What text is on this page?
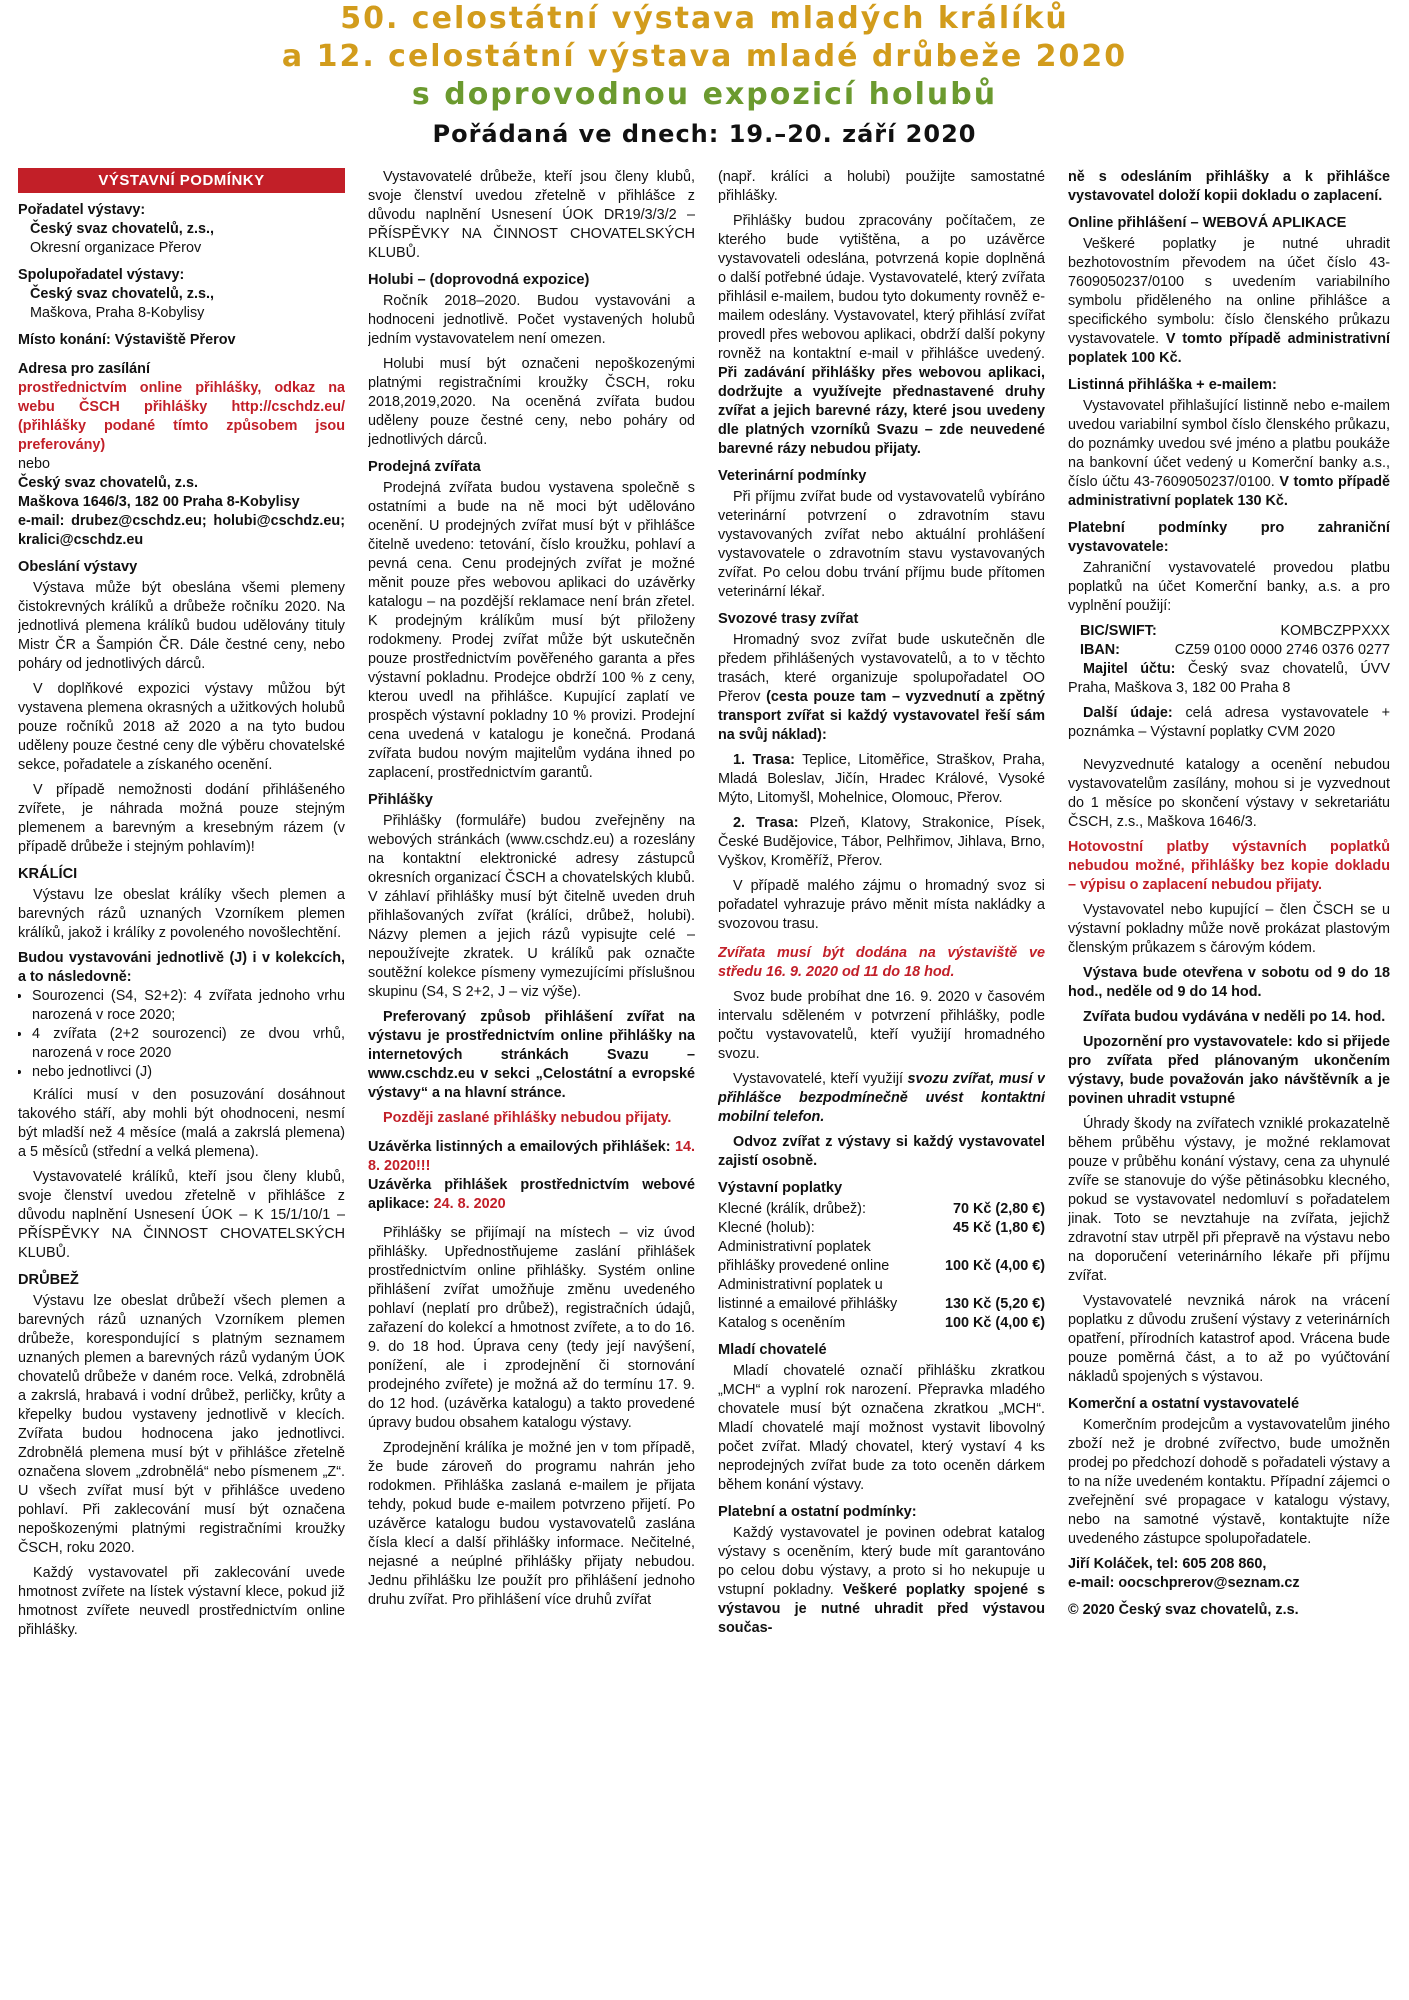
50. celostátní výstava mladých králíků
a 12. celostátní výstava mladé drůbeže 2020
s doprovodnou expozicí holubů
Pořádaná ve dnech: 19.–20. září 2020
VÝSTAVNÍ PODMÍNKY
Pořadatel výstavy:
Český svaz chovatelů, z.s.,
Okresní organizace Přerov
Spolupořadatel výstavy:
Český svaz chovatelů, z.s.,
Maškova, Praha 8-Kobylisy
Místo konání: Výstaviště Přerov
Adresa pro zasílání
prostřednictvím online přihlášky, odkaz na webu ČSCH přihlášky http://cschdz.eu/ (přihlášky podané tímto způsobem jsou preferovány)
nebo
Český svaz chovatelů, z.s.
Maškova 1646/3, 182 00 Praha 8-Kobylisy
e-mail: drubez@cschdz.eu; holubi@cschdz.eu; kralici@cschdz.eu
Obeslání výstavy

Výstava může být obeslána všemi plemeny čistokrevných králíků a drůbeže ročníku 2020. Na jednotlivá plemena králíků budou udělovány tituly Mistr ČR a Šampión ČR. Dále čestné ceny, nebo poháry od jednotlivých dárců.

V doplňkové expozici výstavy můžou být vystavena plemena okrasných a užitkových holubů pouze ročníků 2018 až 2020 a na tyto budou uděleny pouze čestné ceny dle výběru chovatelské sekce, pořadatele a získaného ocenění.

V případě nemožnosti dodání přihlášeného zvířete, je náhrada možná pouze stejným plemenem a barevným a kresebným rázem (v případě drůbeže i stejným pohlavím)!

KRÁLÍCI

Výstavu lze obeslat králíky všech plemen a barevných rázů uznaných Vzorníkem plemen králíků, jakož i králíky z povoleného novošlechtění.

Budou vystavováni jednotlivě (J) i v kolekcích, a to následovně:
• Sourozenci (S4, S2+2): 4 zvířata jednoho vrhu narozená v roce 2020;
• 4 zvířata (2+2 sourozenci) ze dvou vrhů, narozená v roce 2020
• nebo jednotlivci (J)

Králíci musí v den posuzování dosáhnout takového stáří, aby mohli být ohodnoceni, nesmí být mladší než 4 měsíce (malá a zakrslá plemena) a 5 měsíců (střední a velká plemena).

Vystavovatelé králíků, kteří jsou členy klubů, svoje členství uvedou zřetelně v přihlášce z důvodu naplnění Usnesení ÚOK – K 15/1/10/1 – PŘÍSPĚVKY NA ČINNOST CHOVATELSKÝCH KLUBŮ.

DRŮBEŽ

Výstavu lze obeslat drůbeží všech plemen a barevných rázů uznaných Vzorníkem plemen drůbeže, korespondující s platným seznamem uznaných plemen a barevných rázů vydaným ÚOK chovatelů drůbeže v daném roce. Velká, zdrobnělá a zakrslá, hrabavá i vodní drůbež, perličky, krůty a křepelky budou vystaveny jednotlivě v klecích. Zvířata budou hodnocena jako jednotlivci. Zdrobnělá plemena musí být v přihlášce zřetelně označena slovem „zdrobnělá“ nebo písmenem „Z“. U všech zvířat musí být v přihlášce uvedeno pohlaví. Při zaklecování musí být označena nepoškozenými platnými registračními kroužky ČSCH, roku 2020.

Každý vystavovatel při zaklecování uvede hmotnost zvířete na lístek výstavní klece, pokud již hmotnost zvířete neuvedl prostřednictvím online přihlášky.

Vystavovatelé drůbeže, kteří jsou členy klubů, svoje členství uvedou zřetelně v přihlášce z důvodu naplnění Usnesení ÚOK DR19/3/3/2 – PŘÍSPĚVKY NA ČINNOST CHOVATELSKÝCH KLUBŮ.

Holubi – (doprovodná expozice)

Ročník 2018–2020. Budou vystavováni a hodnoceni jednotlivě. Počet vystavených holubů jedním vystavovatelem není omezen.

Holubi musí být označeni nepoškozenými platnými registračními kroužky ČSCH, roku 2018,2019,2020. Na oceněná zvířata budou uděleny pouze čestné ceny, nebo poháry od jednotlivých dárců.

Prodejná zvířata

Prodejná zvířata budou vystavena společně s ostatními a bude na ně moci být udělováno ocenění. U prodejných zvířat musí být v přihlášce čitelně uvedeno: tetování, číslo kroužku, pohlaví a pevná cena. Cenu prodejných zvířat je možné měnit pouze přes webovou aplikaci do uzávěrky katalogu – na pozdější reklamace není brán zřetel. K prodejným králíkům musí být přiloženy rodokmeny. Prodej zvířat může být uskutečněn pouze prostřednictvím pověřeného garanta a přes výstavní pokladnu. Prodejce obdrží 100 % z ceny, kterou uvedl na přihlášce. Kupující zaplatí ve prospěch výstavní pokladny 10 % provizi. Prodejní cena uvedená v katalogu je konečná. Prodaná zvířata budou novým majitelům vydána ihned po zaplacení, prostřednictvím garantů.

Přihlášky

Přihlášky (formuláře) budou zveřejněny na webových stránkách (www.cschdz.eu) a rozeslány na kontaktní elektronické adresy zástupců okresních organizací ČSCH a chovatelských klubů. V záhlaví přihlášky musí být čitelně uveden druh přihlašovaných zvířat (králíci, drůbež, holubi). Názvy plemen a jejich rázů vypisujte celé – nepoužívejte zkratek. U králíků pak označte soutěžní kolekce písmeny vymezujícími příslušnou skupinu (S4, S 2+2, J – viz výše).

Preferovaný způsob přihlášení zvířat na výstavu je prostřednictvím online přihlášky na internetových stránkách Svazu – www.cschdz.eu v sekci „Celostátní a evropské výstavy“ a na hlavní stránce.

Později zaslané přihlášky nebudou přijaty.

Uzávěrka listinných a emailových přihlášek: 14. 8. 2020!!!
Uzávěrka přihlášek prostřednictvím webové aplikace: 24. 8. 2020

Přihlášky se přijímají na místech – viz úvod přihlášky. Upřednostňujeme zaslání přihlášek prostřednictvím online přihlášky. Systém online přihlášení zvířat umožňuje změnu uvedeného pohlaví (neplatí pro drůbež), registračních údajů, zařazení do kolekcí a hmotnost zvířete, a to do 16. 9. do 18 hod. Úprava ceny (tedy její navýšení, ponížení, ale i zprodejnění či stornování prodejného zvířete) je možná až do termínu 17. 9. do 12 hod. (uzávěrka katalogu) a takto provedené úpravy budou obsahem katalogu výstavy.

Zprodejnění králíka je možné jen v tom případě, že bude zároveň do programu nahrán jeho rodokmen. Přihláška zaslaná e-mailem je přijata tehdy, pokud bude e-mailem potvrzeno přijetí. Po uzávěrce katalogu budou vystavovatelů zaslána čísla klecí a další přihlášky informace. Nečitelné, nejasné a neúplné přihlášky přijaty nebudou. Jednu přihlášku lze použít pro přihlášení jednoho druhu zvířat. Pro přihlášení více druhů zvířat

(např. králíci a holubi) použijte samostatné přihlášky.

Přihlášky budou zpracovány počítačem, ze kterého bude vytištěna, a po uzávěrce vystavovateli odeslána, potvrzená kopie doplněná o další potřebné údaje. Vystavovatelé, který zvířata přihlásil e-mailem, budou tyto dokumenty rovněž e-mailem odeslány. Vystavovatel, který přihlásí zvířat provedl přes webovou aplikaci, obdrží další pokyny rovněž na kontaktní e-mail v přihlášce uvedený. Při zadávání přihlášky přes webovou aplikaci, dodržujte a využívejte přednastavené druhy zvířat a jejich barevné rázy, které jsou uvedeny dle platných vzorníků Svazu – zde neuvedené barevné rázy nebudou přijaty.

Veterinární podmínky

Při příjmu zvířat bude od vystavovatelů vybíráno veterinární potvrzení o zdravotním stavu vystavovaných zvířat nebo aktuální prohlášení vystavovatele o zdravotním stavu vystavovaných zvířat. Po celou dobu trvání příjmu bude přítomen veterinární lékař.

Svozové trasy zvířat

Hromadný svoz zvířat bude uskutečněn dle předem přihlášených vystavovatelů, a to v těchto trasách, které organizuje spolupořadatel OO Přerov (cesta pouze tam – vyzvednutí a zpětný transport zvířat si každý vystavovatel řeší sám na svůj náklad):

1. Trasa: Teplice, Litoměřice, Straškov, Praha, Mladá Boleslav, Jičín, Hradec Králové, Vysoké Mýto, Litomyšl, Mohelnice, Olomouc, Přerov.

2. Trasa: Plzeň, Klatovy, Strakonice, Písek, České Budějovice, Tábor, Pelhřimov, Jihlava, Brno, Vyškov, Kroměříž, Přerov.

V případě malého zájmu o hromadný svoz si pořadatel vyhrazuje právo měnit místa nakládky a svozovou trasu.

Zvířata musí být dodána na výstaviště ve středu 16. 9. 2020 od 11 do 18 hod.

Svoz bude probíhat dne 16. 9. 2020 v časovém intervalu sděleném v potvrzení přihlášky, podle počtu vystavovatelů, kteří využijí hromadného svozu.

Vystavovatelé, kteří využijí svozu zvířat, musí v přihlášce bezpodmínečně uvést kontaktní mobilní telefon.

Odvoz zvířat z výstavy si každý vystavovatel zajistí osobně.

Výstavní poplatky
Klecné (králík, drůbež):	70 Kč (2,80 €)
Klecné (holub):	45 Kč (1,80 €)
Administrativní poplatek přihlášky provedené online	100 Kč (4,00 €)
Administrativní poplatek u listinné a emailové přihlášky	130 Kč (5,20 €)
Katalog s oceněním	100 Kč (4,00 €)
Mladí chovatelé

Mladí chovatelé označí přihlášku zkratkou „MCH“ a vyplní rok narození. Přepravka mladého chovatele musí být označena zkratkou „MCH“. Mladí chovatelé mají možnost vystavit libovolný počet zvířat. Mladý chovatel, který vystaví 4 ks neprodejných zvířat bude za toto oceněn dárkem během konání výstavy.

Platební a ostatní podmínky:

Každý vystavovatel je povinen odebrat katalog výstavy s oceněním, který bude mít garantováno po celou dobu výstavy, a proto si ho nekupuje u vstupní pokladny. Veškeré poplatky spojené s výstavou je nutné uhradit před výstavou součas-

ně s odesláním přihlášky a k přihlášce vystavovatel doloží kopii dokladu o zaplacení.

Online přihlášení – WEBOVÁ APLIKACE

Veškeré poplatky je nutné uhradit bezhotovostním převodem na účet číslo 43-7609050237/0100 s uvedením variabilního symbolu přiděleného na online přihlášce a specifického symbolu: číslo členského průkazu vystavovatele. V tomto případě administrativní poplatek 100 Kč.

Listinná přihláška + e-mailem:

Vystavovatel přihlašující listinně nebo e-mailem uvedou variabilní symbol číslo členského průkazu, do poznámky uvedou své jméno a platbu poukáže na bankovní účet vedený u Komerční banky a.s., číslo účtu 43-7609050237/0100. V tomto případě administrativní poplatek 130 Kč.

Platební podmínky pro zahraniční vystavovatele:

Zahraniční vystavovatelé provedou platbu poplatků na účet Komerční banky, a.s. a pro vyplnění použijí:

BIC/SWIFT:	KOMBCZPPXXX
IBAN:	CZ59 0100 0000 2746 0376 0277

Majitel účtu: Český svaz chovatelů, ÚVV Praha, Maškova 3, 182 00 Praha 8

Další údaje: celá adresa vystavovatele + poznámka – Výstavní poplatky CVM 2020

Nevyzvednuté katalogy a ocenění nebudou vystavovatelům zasílány, mohou si je vyzvednout do 1 měsíce po skončení výstavy v sekretariátu ČSCH, z.s., Maškova 1646/3.

Hotovostní platby výstavních poplatků nebudou možné, přihlášky bez kopie dokladu – výpisu o zaplacení nebudou přijaty.

Vystavovatel nebo kupující – člen ČSCH se u výstavní pokladny může nově prokázat plastovým členským průkazem s čárovým kódem.

Výstava bude otevřena v sobotu od 9 do 18 hod., neděle od 9 do 14 hod.

Zvířata budou vydávána v neděli po 14. hod.

Upozornění pro vystavovatele: kdo si přijede pro zvířata před plánovaným ukončením výstavy, bude považován jako návštěvník a je povinen uhradit vstupné

Úhrady škody na zvířatech vzniklé prokazatelně během průběhu výstavy, je možné reklamovat pouze v průběhu konání výstavy, cena za uhynulé zvíře se stanovuje do výše pětinásobku klecného, pokud se vystavovatel nedomluví s pořadatelem jinak. Toto se nevztahuje na zvířata, jejichž zdravotní stav utrpěl při přepravě na výstavu nebo na doporučení veterinárního lékaře při příjmu zvířat.

Vystavovatelé nevzniká nárok na vrácení poplatku z důvodu zrušení výstavy z veterinárních opatření, přírodních katastrof apod. Vrácena bude pouze poměrná část, a to až po vyúčtování nákladů spojených s výstavou.

Komerční a ostatní vystavovatelé

Komerčním prodejcům a vystavovatelům jiného zboží než je drobné zvířectvo, bude umožněn prodej po předchozí dohodě s pořadateli výstavy a to na níže uvedeném kontaktu. Případní zájemci o zveřejnění své propagace v katalogu výstavy, nebo na samotné výstavě, kontaktujte níže uvedeného zástupce spolupořadatele.

Jiří Koláček, tel: 605 208 860,
e-mail: oocschprerov@seznam.cz
© 2020 Český svaz chovatelů, z.s.
